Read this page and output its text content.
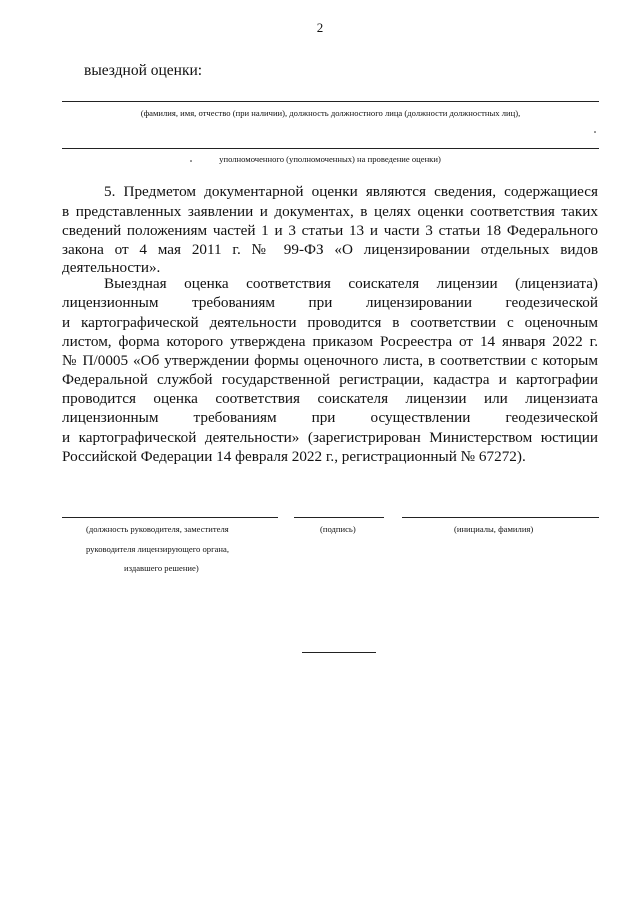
2
выездной оценки:
(фамилия, имя, отчество (при наличии), должность должностного лица (должности должностных лиц),
уполномоченного (уполномоченных) на проведение оценки)
5. Предметом документарной оценки являются сведения, содержащиеся
в представленных заявлении и документах, в целях оценки соответствия таких
сведений положениям частей 1 и 3 статьи 13 и части 3 статьи 18 Федерального
закона от 4 мая 2011 г. № 99-ФЗ «О лицензировании отдельных видов
деятельности».
Выездная оценка соответствия соискателя лицензии (лицензиата)
лицензионным требованиям при лицензировании геодезической
и картографической деятельности проводится в соответствии с оценочным
листом, форма которого утверждена приказом Росреестра от 14 января 2022 г.
№ П/0005 «Об утверждении формы оценочного листа, в соответствии с которым
Федеральной службой государственной регистрации, кадастра и картографии
проводится оценка соответствия соискателя лицензии или лицензиата
лицензионным требованиям при осуществлении геодезической
и картографической деятельности» (зарегистрирован Министерством юстиции
Российской Федерации 14 февраля 2022 г., регистрационный № 67272).
(должность руководителя, заместителя
руководителя лицензирующего органа,
издавшего решение)
(подпись)	(инициалы, фамилия)
